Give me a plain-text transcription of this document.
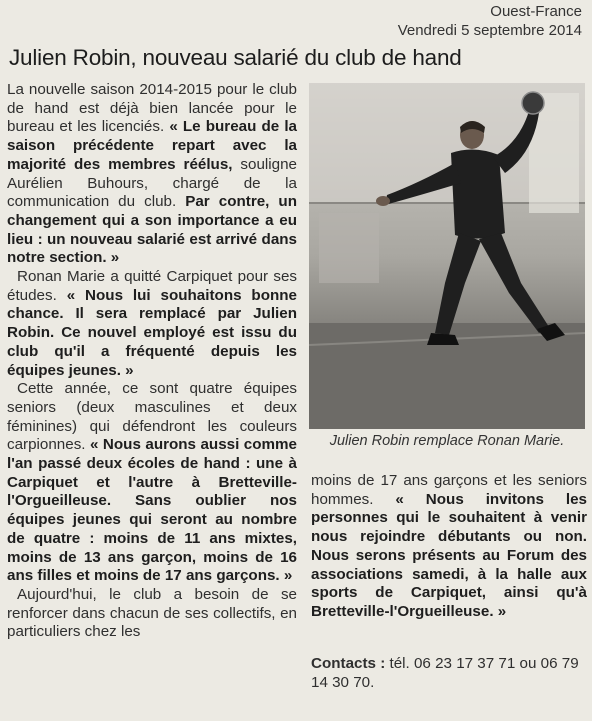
Ouest-France
Vendredi 5 septembre 2014
Julien Robin, nouveau salarié du club de hand

La nouvelle saison 2014-2015 pour le club de hand est déjà bien lancée pour le bureau et les licenciés. « Le bureau de la saison précédente repart avec la majorité des membres réélus, souligne Aurélien Buhours, chargé de la communication du club. Par contre, un changement qui a son importance a eu lieu : un nouveau salarié est arrivé dans notre section. »

Ronan Marie a quitté Carpiquet pour ses études. « Nous lui souhaitons bonne chance. Il sera remplacé par Julien Robin. Ce nouvel employé est issu du club qu'il a fréquenté depuis les équipes jeunes. »

Cette année, ce sont quatre équipes seniors (deux masculines et deux féminines) qui défendront les couleurs carpionnes. « Nous aurons aussi comme l'an passé deux écoles de hand : une à Carpiquet et l'autre à Bretteville-l'Orgueilleuse. Sans oublier nos équipes jeunes qui seront au nombre de quatre : moins de 11 ans mixtes, moins de 13 ans garçon, moins de 16 ans filles et moins de 17 ans garçons. »

Aujourd'hui, le club a besoin de se renforcer dans chacun de ses collectifs, en particuliers chez les

Julien Robin remplace Ronan Marie.

moins de 17 ans garçons et les seniors hommes. « Nous invitons les personnes qui le souhaitent à venir nous rejoindre débutants ou non. Nous serons présents au Forum des associations samedi, à la halle aux sports de Carpiquet, ainsi qu'à Bretteville-l'Orgueilleuse. »

Contacts : tél. 06 23 17 37 71 ou 06 79 14 30 70.
